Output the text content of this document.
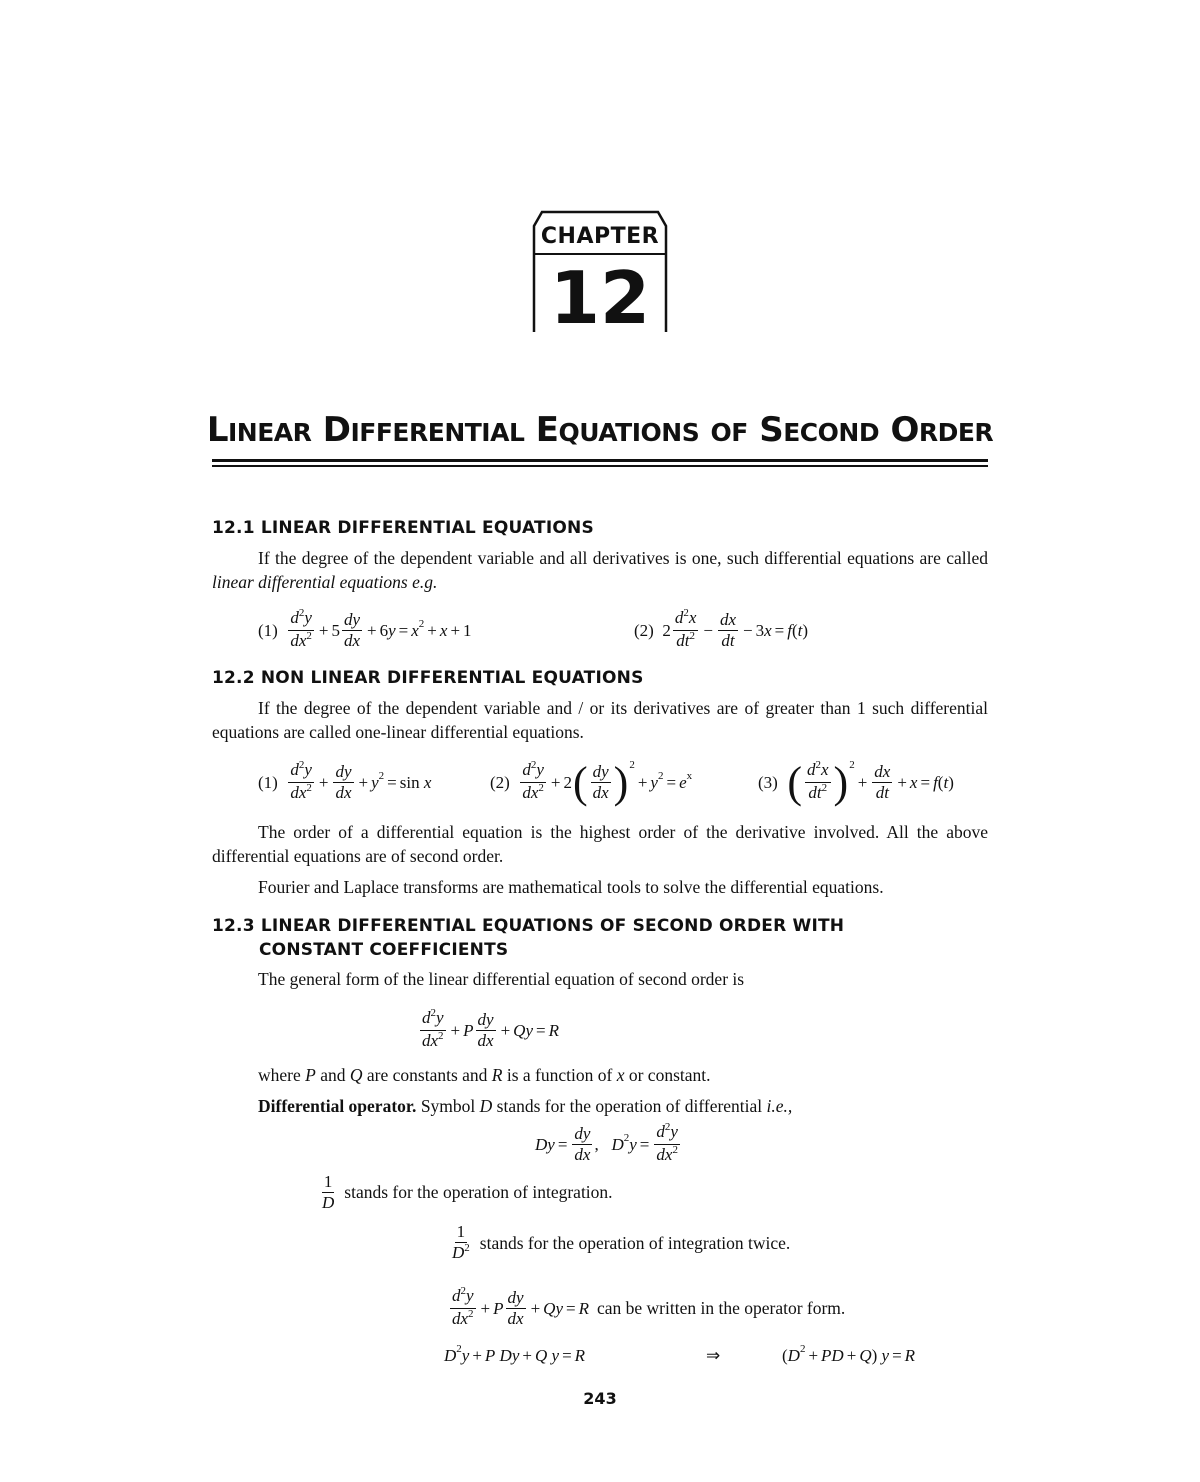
CHAPTER
12
LINEAR DIFFERENTIAL EQUATIONS OF SECOND ORDER
12.1 LINEAR DIFFERENTIAL EQUATIONS
If the degree of the dependent variable and all derivatives is one, such differential equations are called linear differential equations e.g.
(1)
$\frac{d^2y}{dx^2} + 5 \frac{dy}{dx} + 6$ y = x 2 + x + 1	(2)
$2 \frac{d^2x}{dt^2} - \frac{dx}{dt} - 3$ x = f ( t )
12.2 NON LINEAR DIFFERENTIAL EQUATIONS
If the degree of the dependent variable and / or its derivatives are of greater than 1 such differential equations are called one-linear differential equations.
(1)
$\frac{d^2y}{dx^2} + \frac{dy}{dx} + y$ 2 = sin x	(2)
$\frac{d^2y}{dx^2} + 2$ ( $\frac{dy}{dx}$ ) 2
+ y 2 = e x	(3)
( $\frac{d^2x}{dt^2}$ ) 2
+ $\frac{dx}{dt} + x = f$ ( t )
The order of a differential equation is the highest order of the derivative involved. All the above differential equations are of second order.
Fourier and Laplace transforms are mathematical tools to solve the differential equations.
12.3 LINEAR DIFFERENTIAL EQUATIONS OF SECOND ORDER WITH
CONSTANT COEFFICIENTS
The general form of the linear differential equation of second order is
$\frac{d^2y}{dx^2} + P \frac{dy}{dx} + Qy = R$
where P and Q are constants and R is a function of x or constant.
Differential operator. Symbol D stands for the operation of differential i.e.,
$Dy = \frac{dy}{dx}$ , D 2 $y = \frac{d^2y}{dx^2}$
$\frac{1}{D}$ stands for the operation of integration.
$\frac{1}{D^2}$ stands for the operation of integration twice.
$\frac{d^2y}{dx^2} + P \frac{dy}{dx} + Qy = R$ can be written in the operator form.
D 2 y + P Dy + Q y = R	⇒	( D 2 + PD + Q ) y = R
243
